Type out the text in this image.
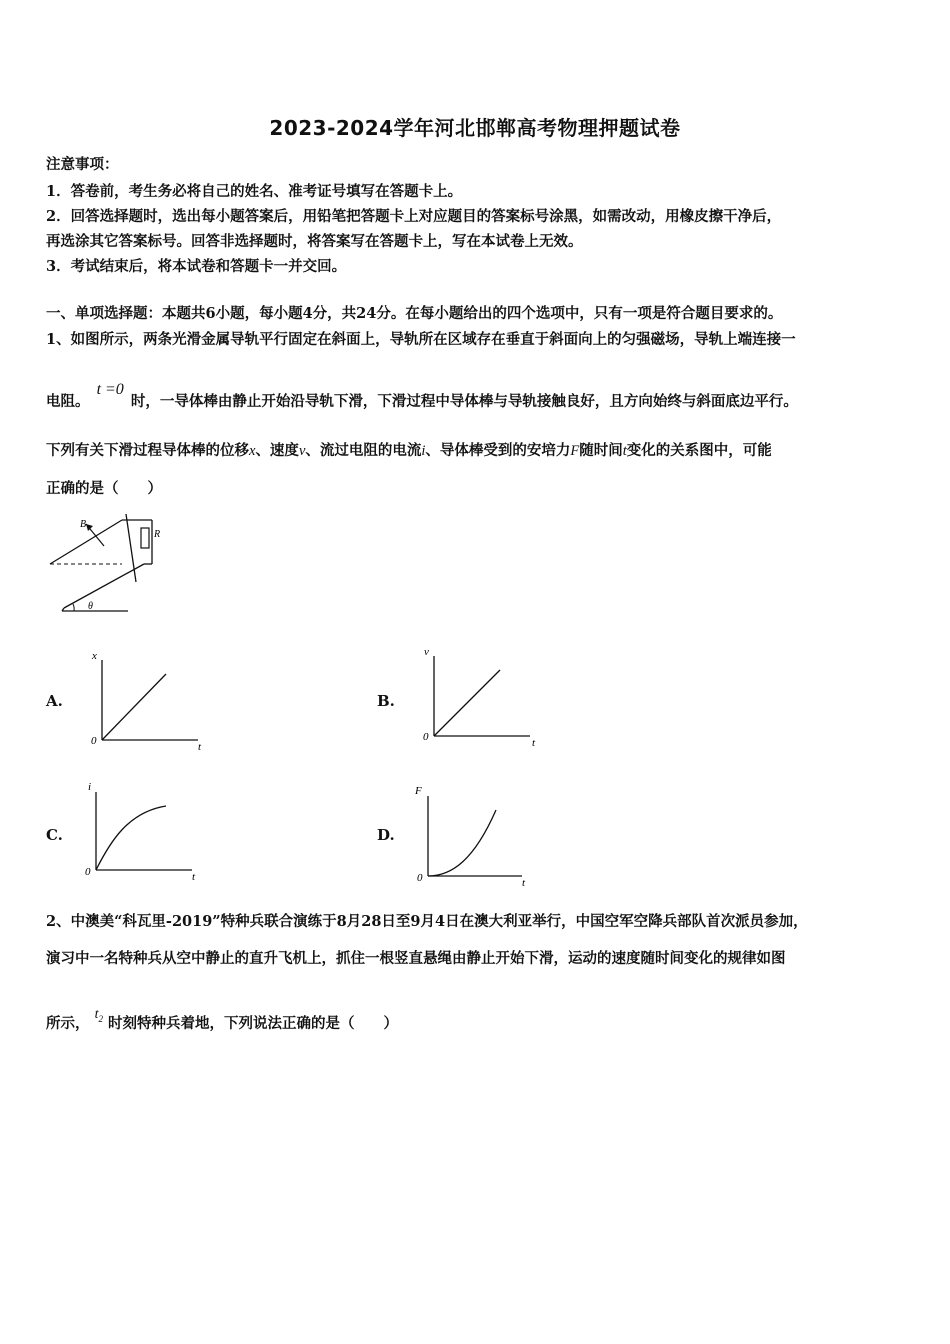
2023-2024学年河北邯郸高考物理押题试卷
注意事项：
1．答卷前，考生务必将自己的姓名、准考证号填写在答题卡上。
2．回答选择题时，选出每小题答案后，用铅笔把答题卡上对应题目的答案标号涂黑，如需改动，用橡皮擦干净后，
再选涂其它答案标号。回答非选择题时，将答案写在答题卡上，写在本试卷上无效。
3．考试结束后，将本试卷和答题卡一并交回。
一、单项选择题：本题共6小题，每小题4分，共24分。在每小题给出的四个选项中，只有一项是符合题目要求的。
1、如图所示，两条光滑金属导轨平行固定在斜面上，导轨所在区域存在垂直于斜面向上的匀强磁场，导轨上端连接一
电阻。 t =0 时，一导体棒由静止开始沿导轨下滑，下滑过程中导体棒与导轨接触良好，且方向始终与斜面底边平行。
下列有关下滑过程导体棒的位移x、速度v、流过电阻的电流i、导体棒受到的安培力F随时间t变化的关系图中，可能
正确的是（　　）
B
R
θ
A.
x
t
0
B.
v
t
0
C.
i
t
0
D.
F
t
0
2、中澳美“科瓦里-2019”特种兵联合演练于8月28日至9月4日在澳大利亚举行，中国空军空降兵部队首次派员参加，
演习中一名特种兵从空中静止的直升飞机上，抓住一根竖直悬绳由静止开始下滑，运动的速度随时间变化的规律如图
所示， $t_2$ 时刻特种兵着地，下列说法正确的是（　　）
